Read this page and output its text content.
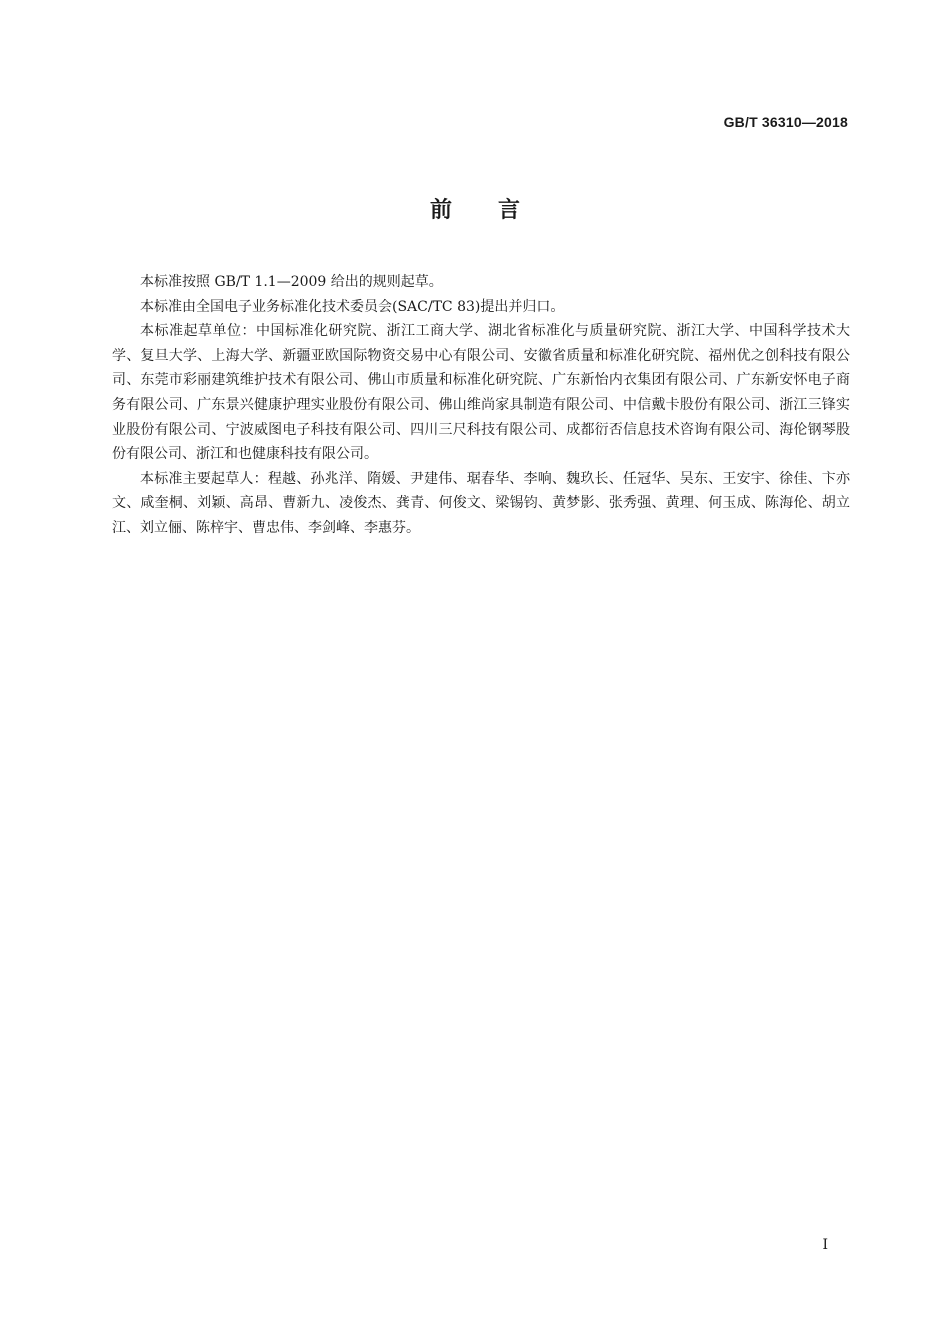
GB/T 36310—2018
前言

本标准按照 GB/T 1.1—2009 给出的规则起草。

本标准由全国电子业务标准化技术委员会(SAC/TC 83)提出并归口。

本标准起草单位：中国标准化研究院、浙江工商大学、湖北省标准化与质量研究院、浙江大学、中国科学技术大学、复旦大学、上海大学、新疆亚欧国际物资交易中心有限公司、安徽省质量和标准化研究院、福州优之创科技有限公司、东莞市彩丽建筑维护技术有限公司、佛山市质量和标准化研究院、广东新怡内衣集团有限公司、广东新安怀电子商务有限公司、广东景兴健康护理实业股份有限公司、佛山维尚家具制造有限公司、中信戴卡股份有限公司、浙江三锋实业股份有限公司、宁波威图电子科技有限公司、四川三尺科技有限公司、成都衍否信息技术咨询有限公司、海伦钢琴股份有限公司、浙江和也健康科技有限公司。

本标准主要起草人：程越、孙兆洋、隋媛、尹建伟、琚春华、李响、魏玖长、任冠华、吴东、王安宇、徐佳、卞亦文、咸奎桐、刘颖、高昂、曹新九、凌俊杰、龚青、何俊文、梁锡钧、黄梦影、张秀强、黄理、何玉成、陈海伦、胡立江、刘立俪、陈梓宇、曹忠伟、李剑峰、李惠芬。

I
